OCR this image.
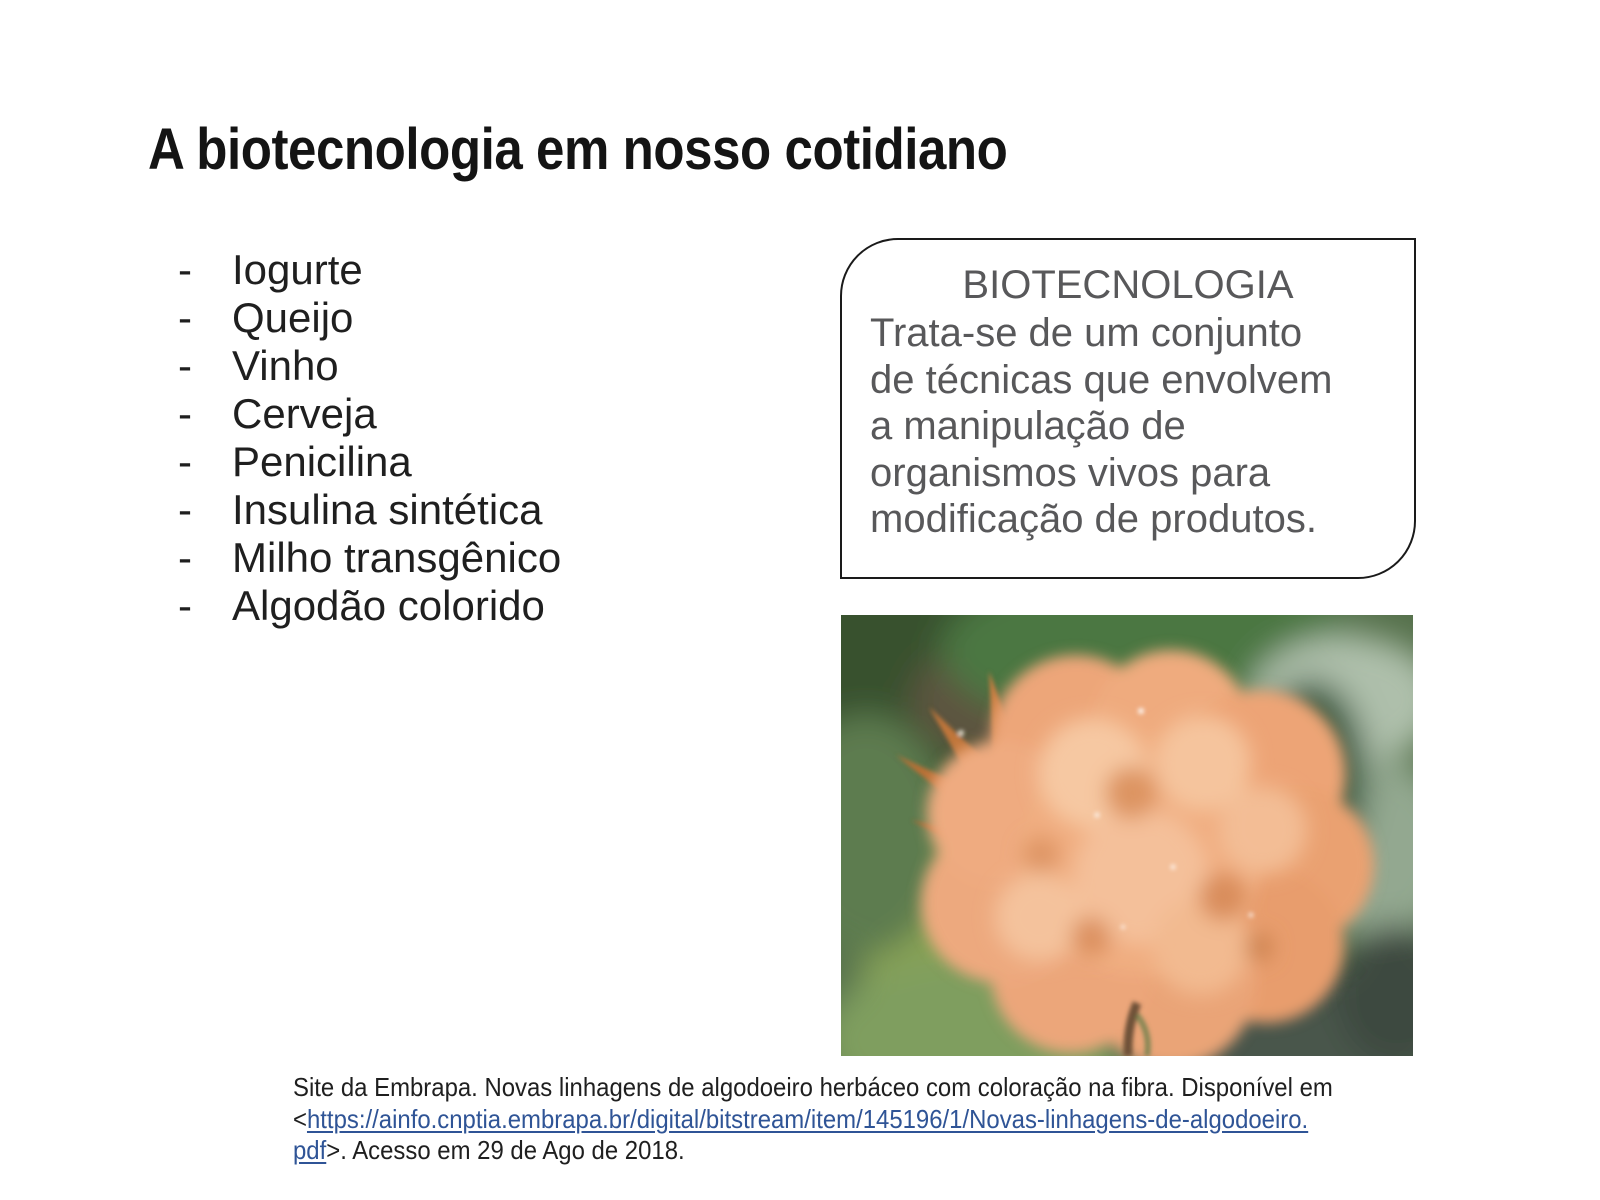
A biotecnologia em nosso cotidiano
- Iogurte
- Queijo
- Vinho
- Cerveja
- Penicilina
- Insulina sintética
- Milho transgênico
- Algodão colorido
BIOTECNOLOGIA
Trata-se de um conjunto
de técnicas que envolvem
a manipulação de
organismos vivos para
modificação de produtos.
Site da Embrapa. Novas linhagens de algodoeiro herbáceo com coloração na fibra. Disponível em
<https://ainfo.cnptia.embrapa.br/digital/bitstream/item/145196/1/Novas-linhagens-de-algodoeiro.
pdf>. Acesso em 29 de Ago de 2018.
